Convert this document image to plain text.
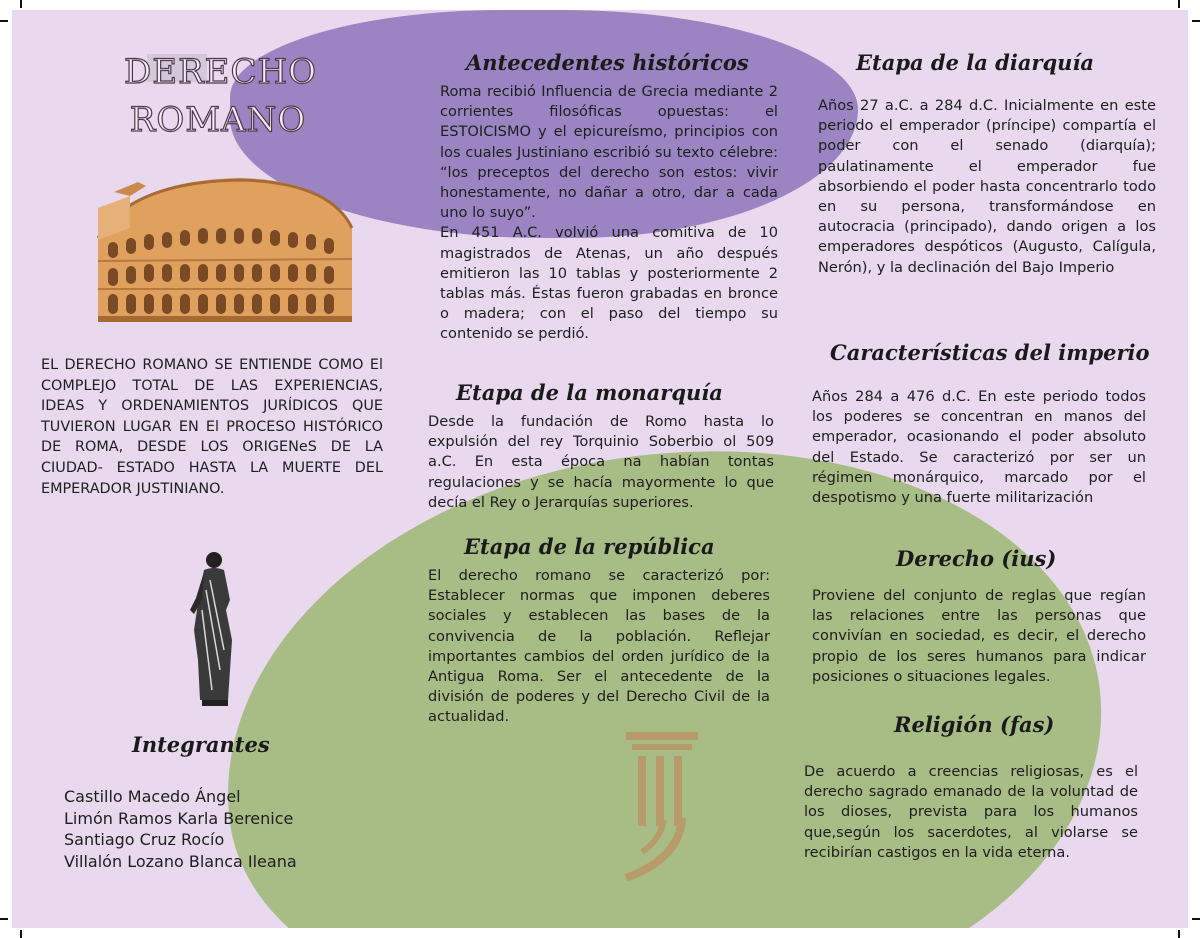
DERECHO
ROMANO
EL DERECHO ROMANO SE ENTIENDE COMO El COMPLEJO TOTAL DE LAS EXPERIENCIAS, IDEAS Y ORDENAMIENTOS JURÍDICOS QUE TUVIERON LUGAR EN El PROCESO HISTÓRICO DE ROMA, DESDE LOS ORIGENeS DE LA CIUDAD- ESTADO HASTA LA MUERTE DEL EMPERADOR JUSTINIANO.
Integrantes
Castillo Macedo Ángel
Limón Ramos Karla Berenice
Santiago Cruz Rocío
Villalón Lozano Blanca Ileana
Antecedentes históricos

Roma recibió Influencia de Grecia mediante 2 corrientes filosóficas opuestas: el ESTOICISMO y el epicureísmo, principios con los cuales Justiniano escribió su texto célebre: “los preceptos del derecho son estos: vivir honestamente, no dañar a otro, dar a cada uno lo suyo”.

En 451 A.C. volvió una comitiva de 10 magistrados de Atenas, un año después emitieron las 10 tablas y posteriormente 2 tablas más. Éstas fueron grabadas en bronce o madera; con el paso del tiempo su contenido se perdió.

Etapa de la monarquía
Desde la fundación de Romo hasta lo expulsión del rey Torquinio Soberbio ol 509 a.C. En esta época na habían tontas regulaciones y se hacía mayormente lo que decía el Rey o Jerarquías superiores.
Etapa de la república
El derecho romano se caracterizó por: Establecer normas que imponen deberes sociales y establecen las bases de la convivencia de la población. Reflejar importantes cambios del orden jurídico de la Antigua Roma. Ser el antecedente de la división de poderes y del Derecho Civil de la actualidad.
Etapa de la diarquía
Años 27 a.C. a 284 d.C. Inicialmente en este periodo el emperador (príncipe) compartía el poder con el senado (diarquía); paulatinamente el emperador fue absorbiendo el poder hasta concentrarlo todo en su persona, transformándose en autocracia (principado), dando origen a los emperadores despóticos (Augusto, Calígula, Nerón), y la declinación del Bajo Imperio
Características del imperio
Años 284 a 476 d.C. En este periodo todos los poderes se concentran en manos del emperador, ocasionando el poder absoluto del Estado. Se caracterizó por ser un régimen monárquico, marcado por el despotismo y una fuerte militarización
Derecho (ius)
Proviene del conjunto de reglas que regían las relaciones entre las personas que convivían en sociedad, es decir, el derecho propio de los seres humanos para indicar posiciones o situaciones legales.
Religión (fas)
De acuerdo a creencias religiosas, es el derecho sagrado emanado de la voluntad de los dioses, prevista para los humanos que,según los sacerdotes, al violarse se recibirían castigos en la vida eterna.
